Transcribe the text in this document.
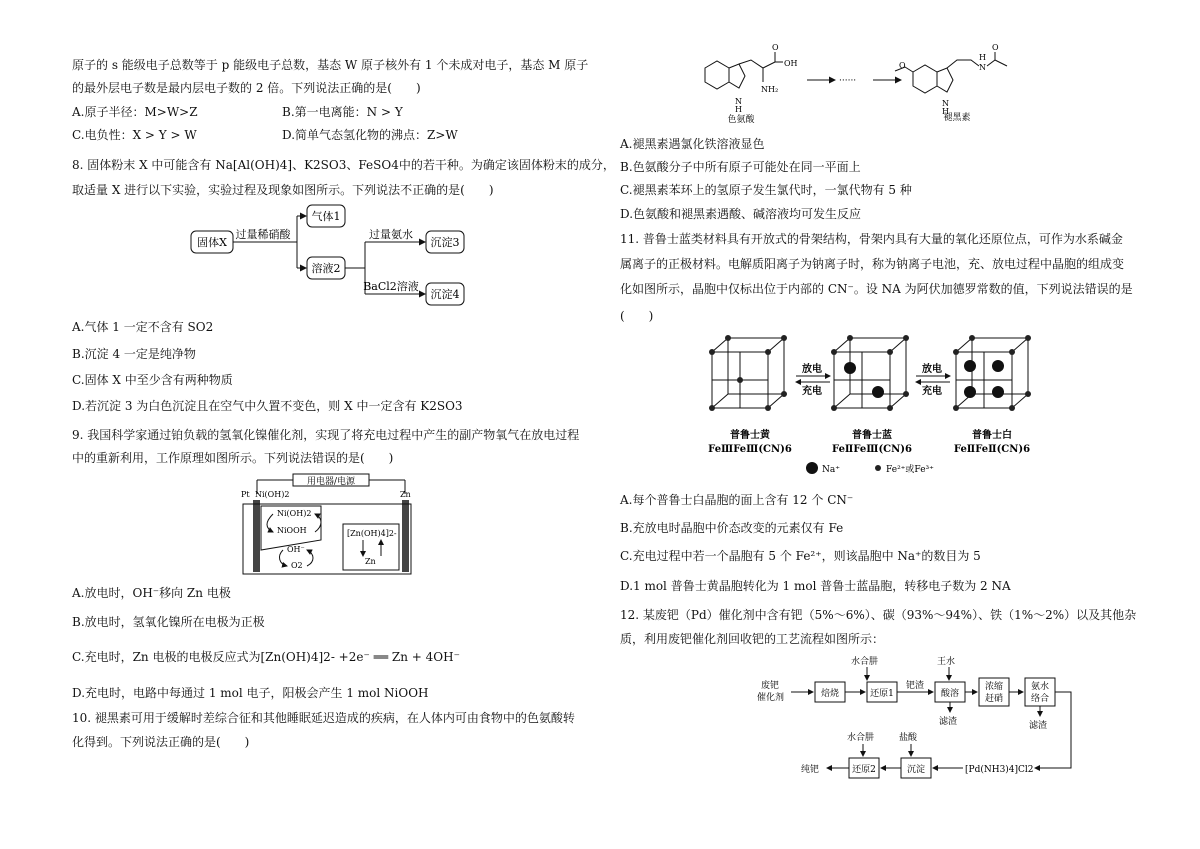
原子的 s 能级电子总数等于 p 能级电子总数，基态 W 原子核外有 1 个未成对电子，基态 M 原子
的最外层电子数是最内层电子数的 2 倍。下列说法正确的是(　　)
A.原子半径：M>W>Z	B.第一电离能：N > Y
C.电负性：X > Y > W	D.简单气态氢化物的沸点：Z>W
8. 固体粉末 X 中可能含有 Na[Al(OH)4]、K2SO3、FeSO4中的若干种。为确定该固体粉末的成分，
取适量 X 进行以下实验，实验过程及现象如图所示。下列说法不正确的是(　　)
固体X
过量稀硝酸
气体1
溶液2
过量氨水
BaCl2溶液
沉淀3
沉淀4
A.气体 1 一定不含有 SO2
B.沉淀 4 一定是纯净物
C.固体 X 中至少含有两种物质
D.若沉淀 3 为白色沉淀且在空气中久置不变色，则 X 中一定含有 K2SO3
9. 我国科学家通过铂负载的氢氧化镍催化剂，实现了将充电过程中产生的副产物氧气在放电过程
中的重新利用，工作原理如图所示。下列说法错误的是(　　)
用电器/电源
Pt Ni(OH)2	Zn
Ni(OH)2
NiOOH
OH⁻
O2
[Zn(OH)4]2-
Zn
A.放电时，OH⁻移向 Zn 电极
B.放电时，氢氧化镍所在电极为正极
C.充电时，Zn 电极的电极反应式为[Zn(OH)4]2- +2e⁻ ══ Zn + 4OH⁻
D.充电时，电路中每通过 1 mol 电子，阳极会产生 1 mol NiOOH
10. 褪黑素可用于缓解时差综合征和其他睡眠延迟造成的疾病，在人体内可由食物中的色氨酸转
化得到。下列说法正确的是(　　)
N
H
NH₂
OH
O
色氨酸
······
O
N
H
N
H
O
褪黑素
A.褪黑素遇氯化铁溶液显色
B.色氨酸分子中所有原子可能处在同一平面上
C.褪黑素苯环上的氢原子发生氯代时，一氯代物有 5 种
D.色氨酸和褪黑素遇酸、碱溶液均可发生反应
11. 普鲁士蓝类材料具有开放式的骨架结构，骨架内具有大量的氧化还原位点，可作为水系碱金
属离子的正极材料。电解质阳离子为钠离子时，称为钠离子电池，充、放电过程中晶胞的组成变
化如图所示，晶胞中仅标出位于内部的 CN⁻。设 NA 为阿伏加德罗常数的值，下列说法错误的是
(　　)
普鲁士黄
FeⅢFeⅢ(CN)6
放电
充电
普鲁士蓝
FeⅡFeⅢ(CN)6
放电
充电
普鲁士白
FeⅡFeⅡ(CN)6
Na⁺	Fe²⁺或Fe³⁺
A.每个普鲁士白晶胞的面上含有 12 个 CN⁻
B.充放电时晶胞中价态改变的元素仅有 Fe
C.充电过程中若一个晶胞有 5 个 Fe²⁺，则该晶胞中 Na⁺的数目为 5
D.1 mol 普鲁士黄晶胞转化为 1 mol 普鲁士蓝晶胞，转移电子数为 2 NA
12. 某废钯（Pd）催化剂中含有钯（5%～6%）、碳（93%～94%）、铁（1%～2%）以及其他杂
质，利用废钯催化剂回收钯的工艺流程如图所示：
废钯
催化剂	焙烧
水合肼
还原1
钯渣
王水
酸溶
滤渣
浓缩
赶硝
氨水
络合
滤渣
[Pd(NH3)4]Cl2
盐酸
沉淀
水合肼
还原2
纯钯
